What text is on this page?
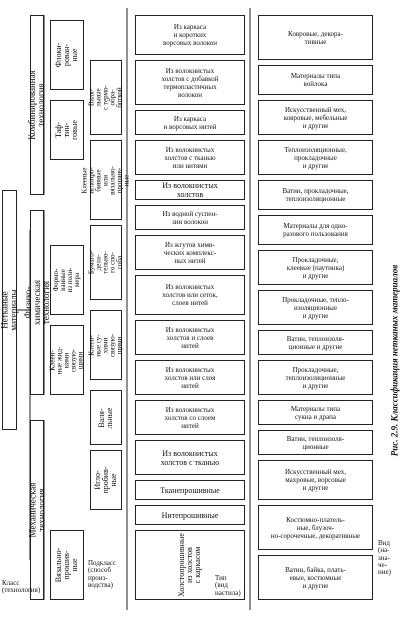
Нетканые материалы
Механическая технология
Физико-химическая технология
Комбинированная технология
Вязально-
прошив-
ные
Игло-
пробив-
ные
Валя-
льные
Клеен-
ные жид-
кими
связую-
щими
Клеен-
ные су-
хими
связую-
щими
Формо-
ванные
из поли-
мера
Бумаго-
дела-
тельно-
го спо-
соба
Клееные
иглопро-
бивные
или
вязально-
прошив-
ные
Таф-
тин-
говые
Валя-
льные
с термо-
обра-
боткой
Флоки-
рован-
ные
Холстопрошивные
из холстов
с каркасом
Нитепрошивные
Тканепрошивные
Из волокнистых
холстов с тканью
Из волокнистых
холстов со слоем
нитей
Из волокнистых
холстов или слоя
нитей
Из волокнистых
холстов и слоев
нитей
Из волокнистых
холстов или сеток,
слоев нитей
Из жгутов хими-
ческих комплекс-
ных нитей
Из водной суспен-
зии волокон
Из волокнистых
холстов
Из волокнистых
холстов с тканью
или нитями
Из каркаса
и ворсовых нитей
Из волокнистых
холстов с добавкой
термопластичных
волокон
Из каркаса
и коротких
ворсовых волокон
Ватин, байка, плать-
евые, костюмные
и другие
Костюмно-платель-
ные, блузоч-
но-сорочечные, декоративные
Искусственный мех,
махровые, ворсовые
и другие
Ватин, теплоизоля-
ционные
Материалы типа
сукна и драпа
Прокладочные,
теплоизоляционные
и другие
Ватин, теплоизоля-
ционные и другие
Прокладочные, тепло-
изоляционные
и другие
Прокладочные,
клеевые (паутинка)
и другие
Материалы для одно-
разового пользования
Ватин, прокладочные,
теплоизоляционные
Теплоизоляционные,
прокладочные
и другие
Искусственный мех,
ковровые, мебельные
и другие
Материалы типа
войлока
Ковровые, декора-
тивные
Класс
(технология)
Подкласс
(способ
произ-
водства)
Тип
(вид
настила)
Вид
(на-
зна-
че-
ние)
Рис. 2.9. Классификация нетканых материалов
